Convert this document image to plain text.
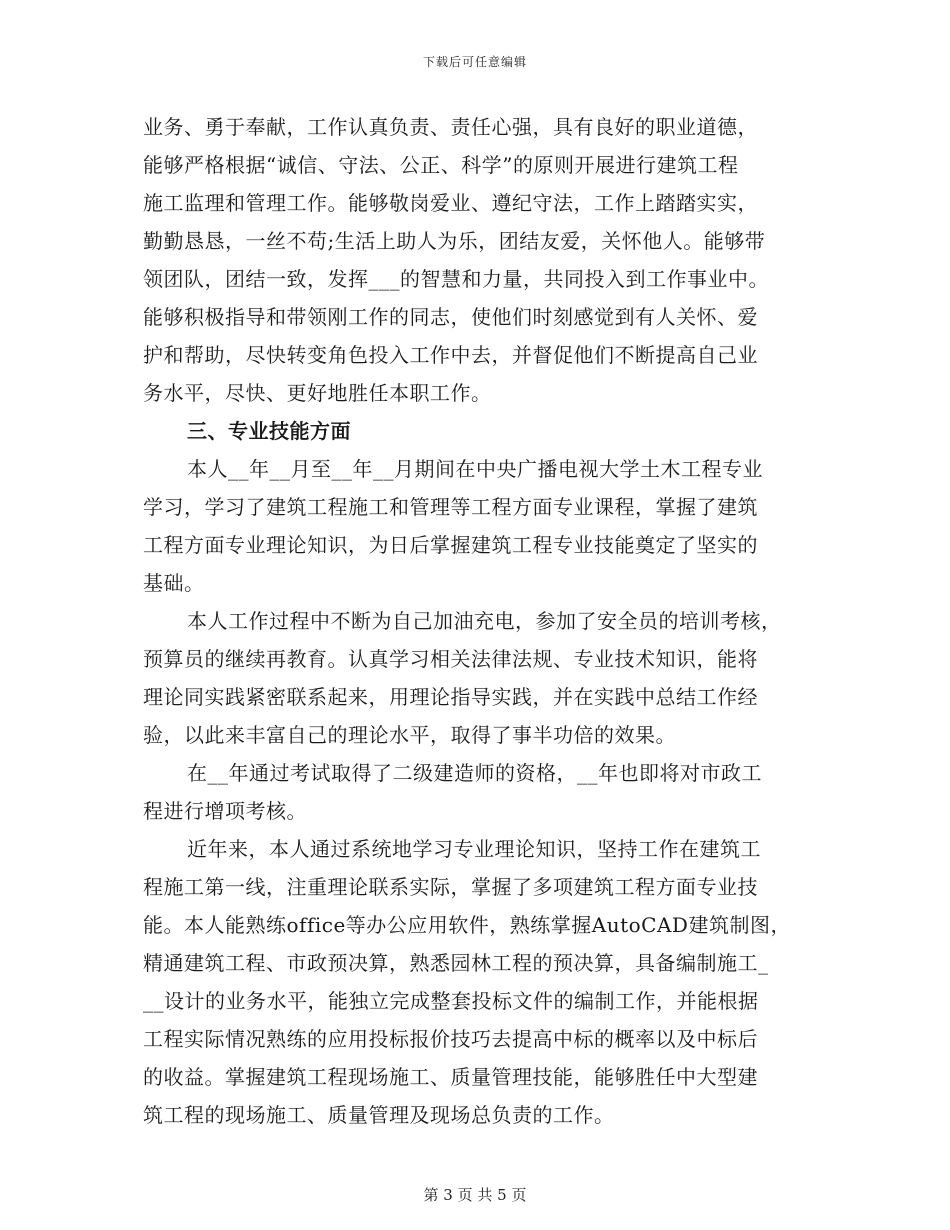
下载后可任意编辑
业务、勇于奉献，工作认真负责、责任心强，具有良好的职业道德，
能够严格根据“诚信、守法、公正、科学”的原则开展进行建筑工程
施工监理和管理工作。能够敬岗爱业、遵纪守法，工作上踏踏实实，
勤勤恳恳，一丝不苟;生活上助人为乐，团结友爱，关怀他人。能够带
领团队，团结一致，发挥___的智慧和力量，共同投入到工作事业中。
能够积极指导和带领刚工作的同志，使他们时刻感觉到有人关怀、爱
护和帮助，尽快转变角色投入工作中去，并督促他们不断提高自己业
务水平，尽快、更好地胜任本职工作。
三、专业技能方面
本人__年__月至__年__月期间在中央广播电视大学土木工程专业
学习，学习了建筑工程施工和管理等工程方面专业课程，掌握了建筑
工程方面专业理论知识，为日后掌握建筑工程专业技能奠定了坚实的
基础。
本人工作过程中不断为自己加油充电，参加了安全员的培训考核，
预算员的继续再教育。认真学习相关法律法规、专业技术知识，能将
理论同实践紧密联系起来，用理论指导实践，并在实践中总结工作经
验，以此来丰富自己的理论水平，取得了事半功倍的效果。
在__年通过考试取得了二级建造师的资格，__年也即将对市政工
程进行增项考核。
近年来，本人通过系统地学习专业理论知识，坚持工作在建筑工
程施工第一线，注重理论联系实际，掌握了多项建筑工程方面专业技
能。本人能熟练office等办公应用软件，熟练掌握AutoCAD建筑制图，
精通建筑工程、市政预决算，熟悉园林工程的预决算，具备编制施工_
__设计的业务水平，能独立完成整套投标文件的编制工作，并能根据
工程实际情况熟练的应用投标报价技巧去提高中标的概率以及中标后
的收益。掌握建筑工程现场施工、质量管理技能，能够胜任中大型建
筑工程的现场施工、质量管理及现场总负责的工作。
第 3 页 共 5 页
